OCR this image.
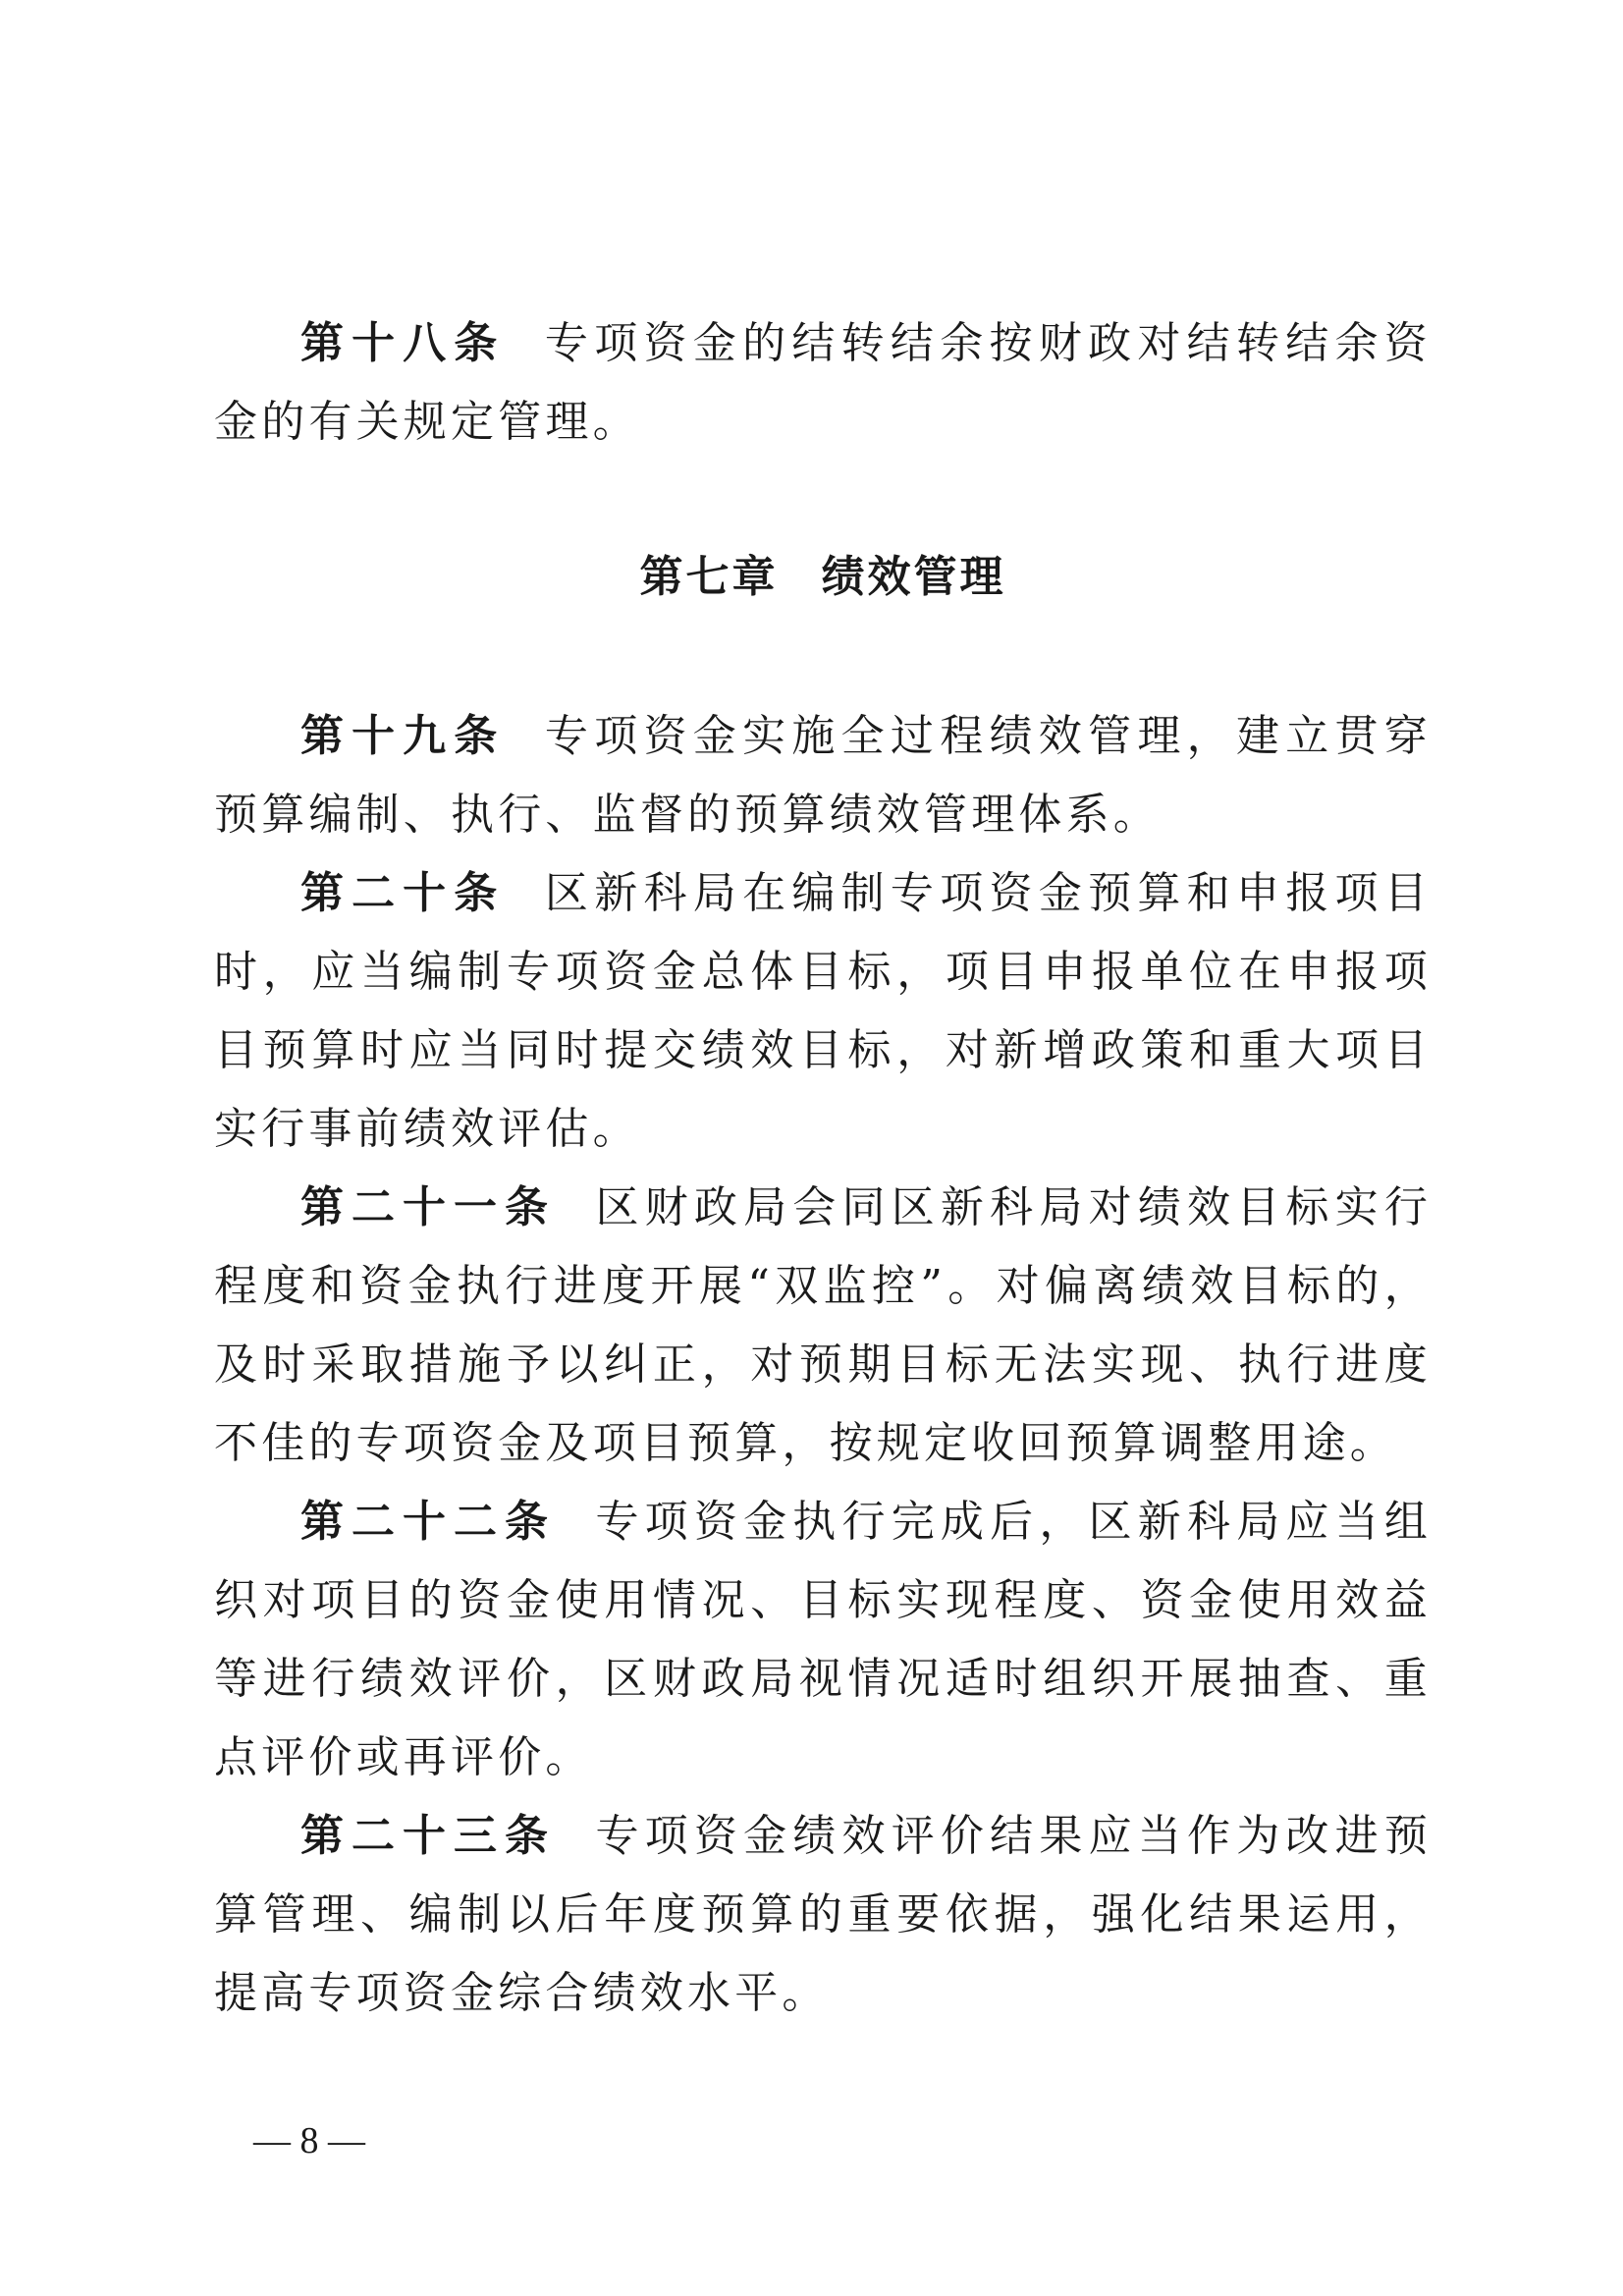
第十八条 专项资金的结转结余按财政对结转结余资金的有关规定管理。

第七章 绩效管理

第十九条 专项资金实施全过程绩效管理，建立贯穿预算编制、执行、监督的预算绩效管理体系。

第二十条 区新科局在编制专项资金预算和申报项目时，应当编制专项资金总体目标，项目申报单位在申报项目预算时应当同时提交绩效目标，对新增政策和重大项目实行事前绩效评估。

第二十一条 区财政局会同区新科局对绩效目标实行程度和资金执行进度开展“双监控”。对偏离绩效目标的，及时采取措施予以纠正，对预期目标无法实现、执行进度不佳的专项资金及项目预算，按规定收回预算调整用途。

第二十二条 专项资金执行完成后，区新科局应当组织对项目的资金使用情况、目标实现程度、资金使用效益等进行绩效评价，区财政局视情况适时组织开展抽查、重点评价或再评价。

第二十三条 专项资金绩效评价结果应当作为改进预算管理、编制以后年度预算的重要依据，强化结果运用，提高专项资金综合绩效水平。

— 8 —
